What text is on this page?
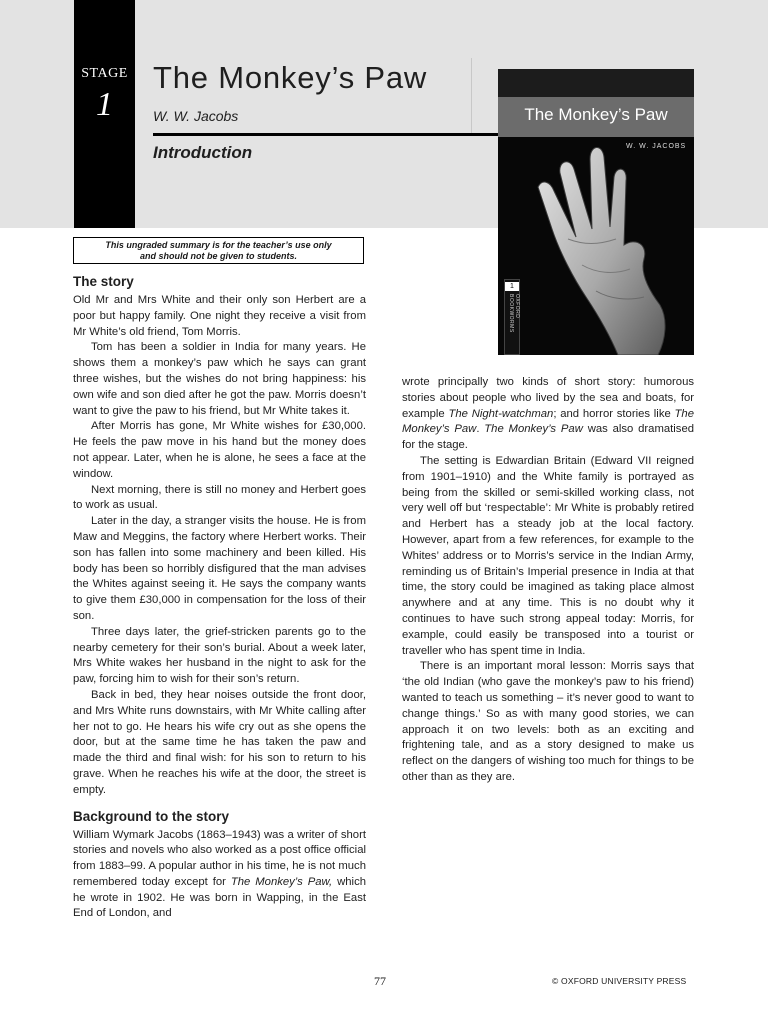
STAGE
1
The Monkey’s Paw
W. W. Jacobs
Introduction
The Monkey’s Paw
W. W. JACOBS
1
OXFORD BOOKWORMS
This ungraded summary is for the teacher’s use only
and should not be given to students.
The story

Old Mr and Mrs White and their only son Herbert are a poor but happy family. One night they receive a visit from Mr White’s old friend, Tom Morris.

Tom has been a soldier in India for many years. He shows them a monkey’s paw which he says can grant three wishes, but the wishes do not bring happiness: his own wife and son died after he got the paw. Morris doesn’t want to give the paw to his friend, but Mr White takes it.

After Morris has gone, Mr White wishes for £30,000. He feels the paw move in his hand but the money does not appear. Later, when he is alone, he sees a face at the window.

Next morning, there is still no money and Herbert goes to work as usual.

Later in the day, a stranger visits the house. He is from Maw and Meggins, the factory where Herbert works. Their son has fallen into some machinery and been killed. His body has been so horribly disfigured that the man advises the Whites against seeing it. He says the company wants to give them £30,000 in compensation for the loss of their son.

Three days later, the grief-stricken parents go to the nearby cemetery for their son’s burial. About a week later, Mrs White wakes her husband in the night to ask for the paw, forcing him to wish for their son’s return.

Back in bed, they hear noises outside the front door, and Mrs White runs downstairs, with Mr White calling after her not to go. He hears his wife cry out as she opens the door, but at the same time he has taken the paw and made the third and final wish: for his son to return to his grave. When he reaches his wife at the door, the street is empty.

Background to the story

William Wymark Jacobs (1863–1943) was a writer of short stories and novels who also worked as a post office official from 1883–99. A popular author in his time, he is not much remembered today except for The Monkey’s Paw, which he wrote in 1902. He was born in Wapping, in the East End of London, and

wrote principally two kinds of short story: humorous stories about people who lived by the sea and boats, for example The Night-watchman; and horror stories like The Monkey’s Paw. The Monkey’s Paw was also dramatised for the stage.

The setting is Edwardian Britain (Edward VII reigned from 1901–1910) and the White family is portrayed as being from the skilled or semi-skilled working class, not very well off but ‘respectable’: Mr White is probably retired and Herbert has a steady job at the local factory. However, apart from a few references, for example to the Whites’ address or to Morris’s service in the Indian Army, reminding us of Britain’s Imperial presence in India at that time, the story could be imagined as taking place almost anywhere and at any time. This is no doubt why it continues to have such strong appeal today: Morris, for example, could easily be transposed into a tourist or traveller who has spent time in India.

There is an important moral lesson: Morris says that ‘the old Indian (who gave the monkey’s paw to his friend) wanted to teach us something – it’s never good to want to change things.’ So as with many good stories, we can approach it on two levels: both as an exciting and frightening tale, and as a story designed to make us reflect on the dangers of wishing too much for things to be other than as they are.

77	© OXFORD UNIVERSITY PRESS
